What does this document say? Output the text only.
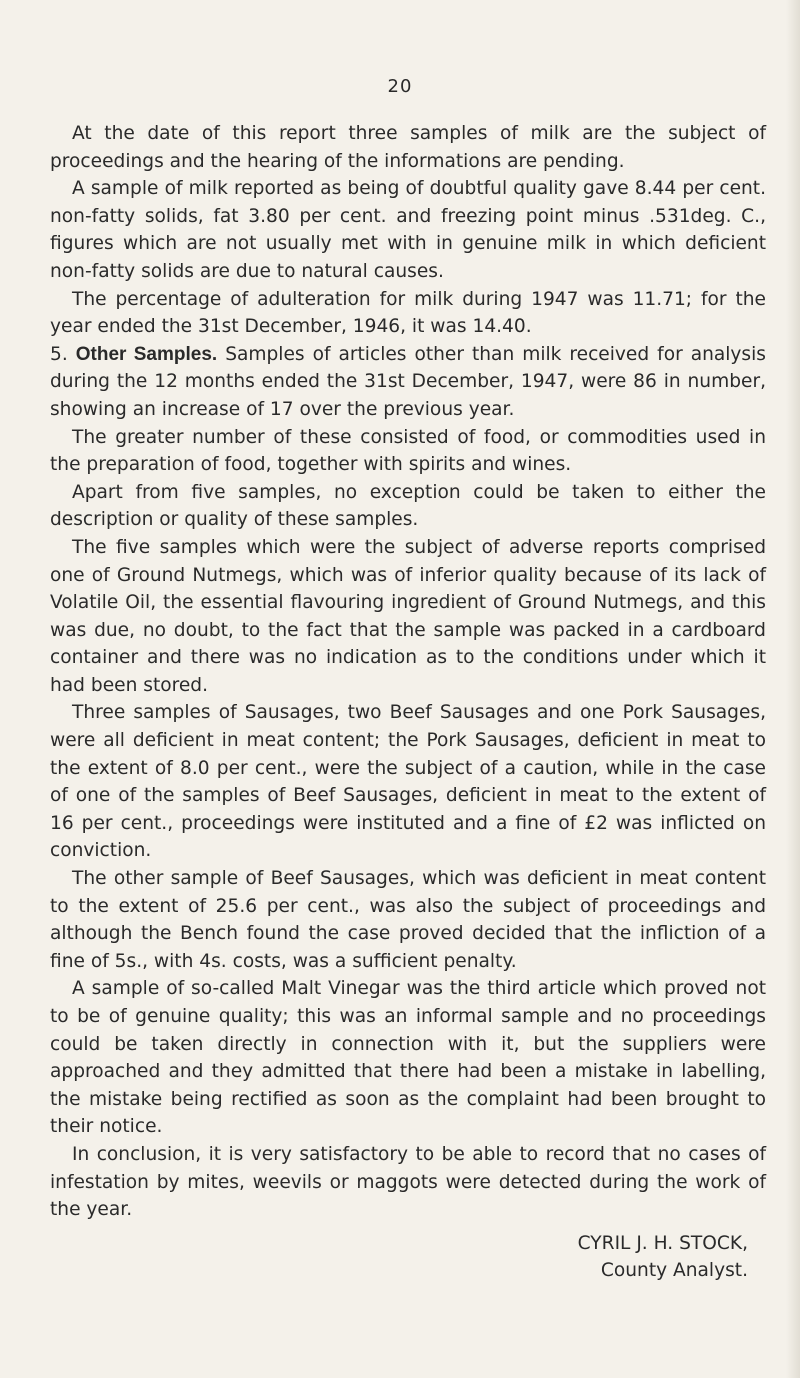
20

At the date of this report three samples of milk are the subject of proceedings and the hearing of the informations are pending.

A sample of milk reported as being of doubtful quality gave 8.44 per cent. non-fatty solids, fat 3.80 per cent. and freezing point minus .531deg. C., figures which are not usually met with in genuine milk in which deficient non-fatty solids are due to natural causes.

The percentage of adulteration for milk during 1947 was 11.71; for the year ended the 31st December, 1946, it was 14.40.

5. Other Samples. Samples of articles other than milk received for analysis during the 12 months ended the 31st December, 1947, were 86 in number, showing an increase of 17 over the previous year.

The greater number of these consisted of food, or commodities used in the preparation of food, together with spirits and wines.

Apart from five samples, no exception could be taken to either the description or quality of these samples.

The five samples which were the subject of adverse reports comprised one of Ground Nutmegs, which was of inferior quality because of its lack of Volatile Oil, the essential flavouring ingredient of Ground Nutmegs, and this was due, no doubt, to the fact that the sample was packed in a cardboard container and there was no indication as to the conditions under which it had been stored.

Three samples of Sausages, two Beef Sausages and one Pork Sausages, were all deficient in meat content; the Pork Sausages, deficient in meat to the extent of 8.0 per cent., were the subject of a caution, while in the case of one of the samples of Beef Sausages, deficient in meat to the extent of 16 per cent., proceedings were instituted and a fine of £2 was inflicted on conviction.

The other sample of Beef Sausages, which was deficient in meat content to the extent of 25.6 per cent., was also the subject of proceedings and although the Bench found the case proved decided that the infliction of a fine of 5s., with 4s. costs, was a sufficient penalty.

A sample of so-called Malt Vinegar was the third article which proved not to be of genuine quality; this was an informal sample and no proceedings could be taken directly in connection with it, but the suppliers were approached and they admitted that there had been a mistake in labelling, the mistake being rectified as soon as the complaint had been brought to their notice.

In conclusion, it is very satisfactory to be able to record that no cases of infestation by mites, weevils or maggots were detected during the work of the year.

CYRIL J. H. STOCK,
County Analyst.
